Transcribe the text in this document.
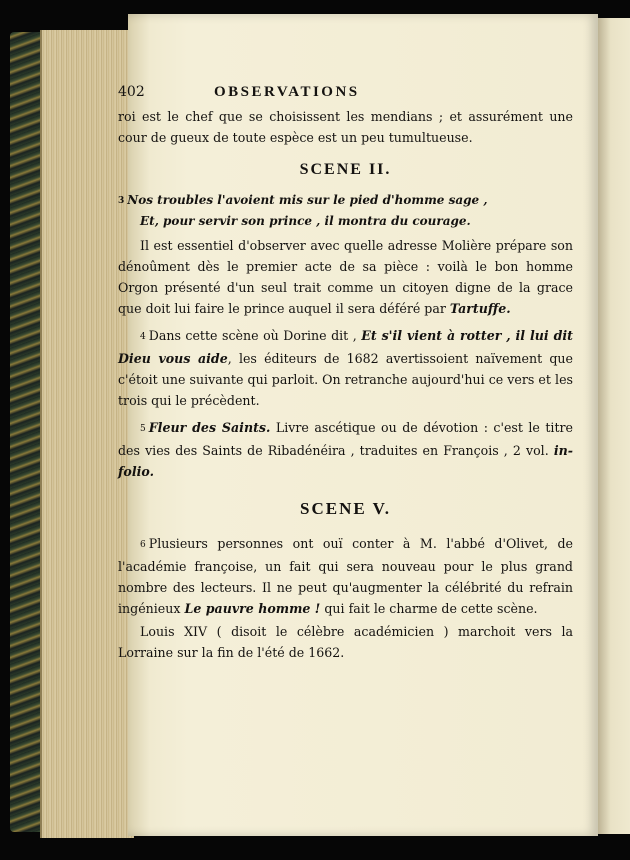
402	OBSERVATIONS

roi est le chef que se choisissent les mendians ; et assurément une cour de gueux de toute espèce est un peu tumultueuse.

SCENE II.
3 Nos troubles l'avoient mis sur le pied d'homme sage ,
Et, pour servir son prince , il montra du courage.

Il est essentiel d'observer avec quelle adresse Molière prépare son dénoûment dès le premier acte de sa pièce : voilà le bon homme Orgon présenté d'un seul trait comme un citoyen digne de la grace que doit lui faire le prince auquel il sera déféré par Tartuffe.

4 Dans cette scène où Dorine dit , Et s'il vient à rotter , il lui dit Dieu vous aide, les éditeurs de 1682 avertissoient naïvement que c'étoit une suivante qui parloit. On retranche aujourd'hui ce vers et les trois qui le précèdent.

5 Fleur des Saints. Livre ascétique ou de dévotion : c'est le titre des vies des Saints de Ribadénéira , traduites en François , 2 vol. in-folio.

SCENE V.

6 Plusieurs personnes ont ouï conter à M. l'abbé d'Olivet, de l'académie françoise, un fait qui sera nouveau pour le plus grand nombre des lecteurs. Il ne peut qu'augmenter la célébrité du refrain ingénieux Le pauvre homme ! qui fait le charme de cette scène.

Louis XIV ( disoit le célèbre académicien ) marchoit vers la Lorraine sur la fin de l'été de 1662.
